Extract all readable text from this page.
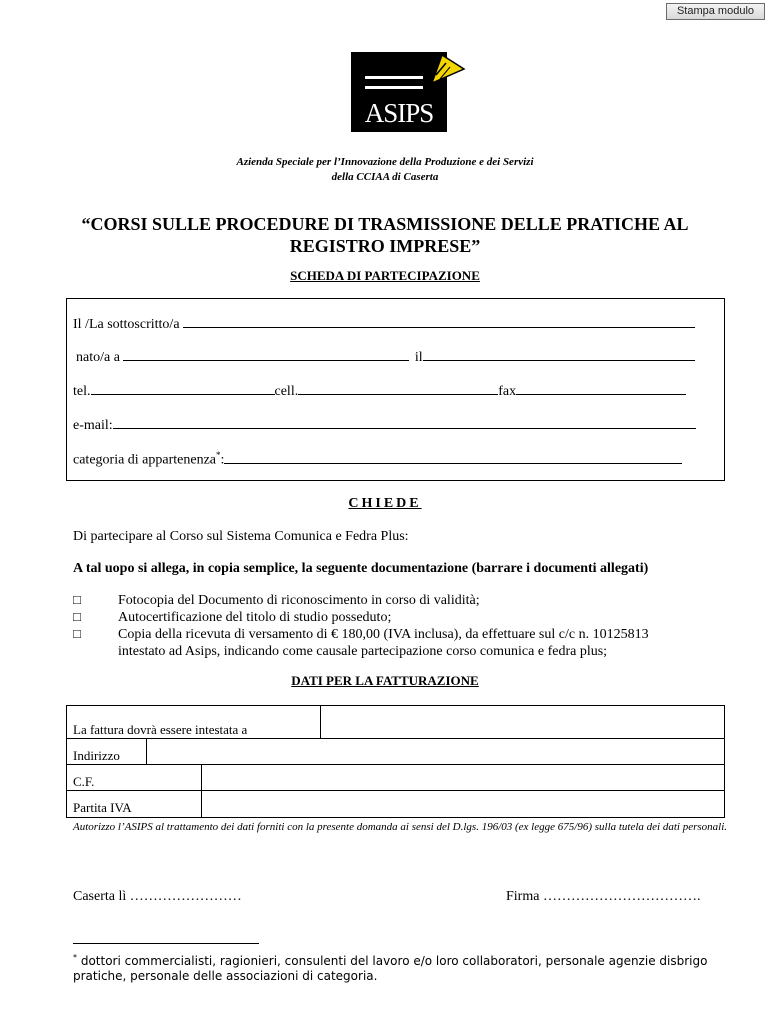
Stampa modulo
ASIPS
Azienda Speciale per l’Innovazione della Produzione e dei Servizi
della CCIAA di Caserta
“CORSI SULLE PROCEDURE DI TRASMISSIONE DELLE PRATICHE AL
REGISTRO IMPRESE”
SCHEDA DI PARTECIPAZIONE
Il /La sottoscritto/a
nato/a a	il
tel.	cell.	fax
e-mail:
categoria di appartenenza*:
CHIEDE
Di partecipare al Corso sul Sistema Comunica e Fedra Plus:
A tal uopo si allega, in copia semplice, la seguente documentazione (barrare i documenti allegati)
□	Fotocopia del Documento di riconoscimento in corso di validità;
□	Autocertificazione del titolo di studio posseduto;
□	Copia della ricevuta di versamento di € 180,00 (IVA inclusa), da effettuare sul c/c n. 10125813
intestato ad Asips, indicando come causale partecipazione corso comunica e fedra plus;
DATI PER LA FATTURAZIONE
La fattura dovrà essere intestata a
Indirizzo
C.F.
Partita IVA
Autorizzo l’ASIPS al trattamento dei dati forniti con la presente domanda ai sensi del D.lgs. 196/03 (ex legge 675/96) sulla tutela dei dati personali.
Caserta lì ……………………	Firma …………………………….
* dottori commercialisti, ragionieri, consulenti del lavoro e/o loro collaboratori, personale agenzie disbrigo pratiche, personale delle associazioni di categoria.
